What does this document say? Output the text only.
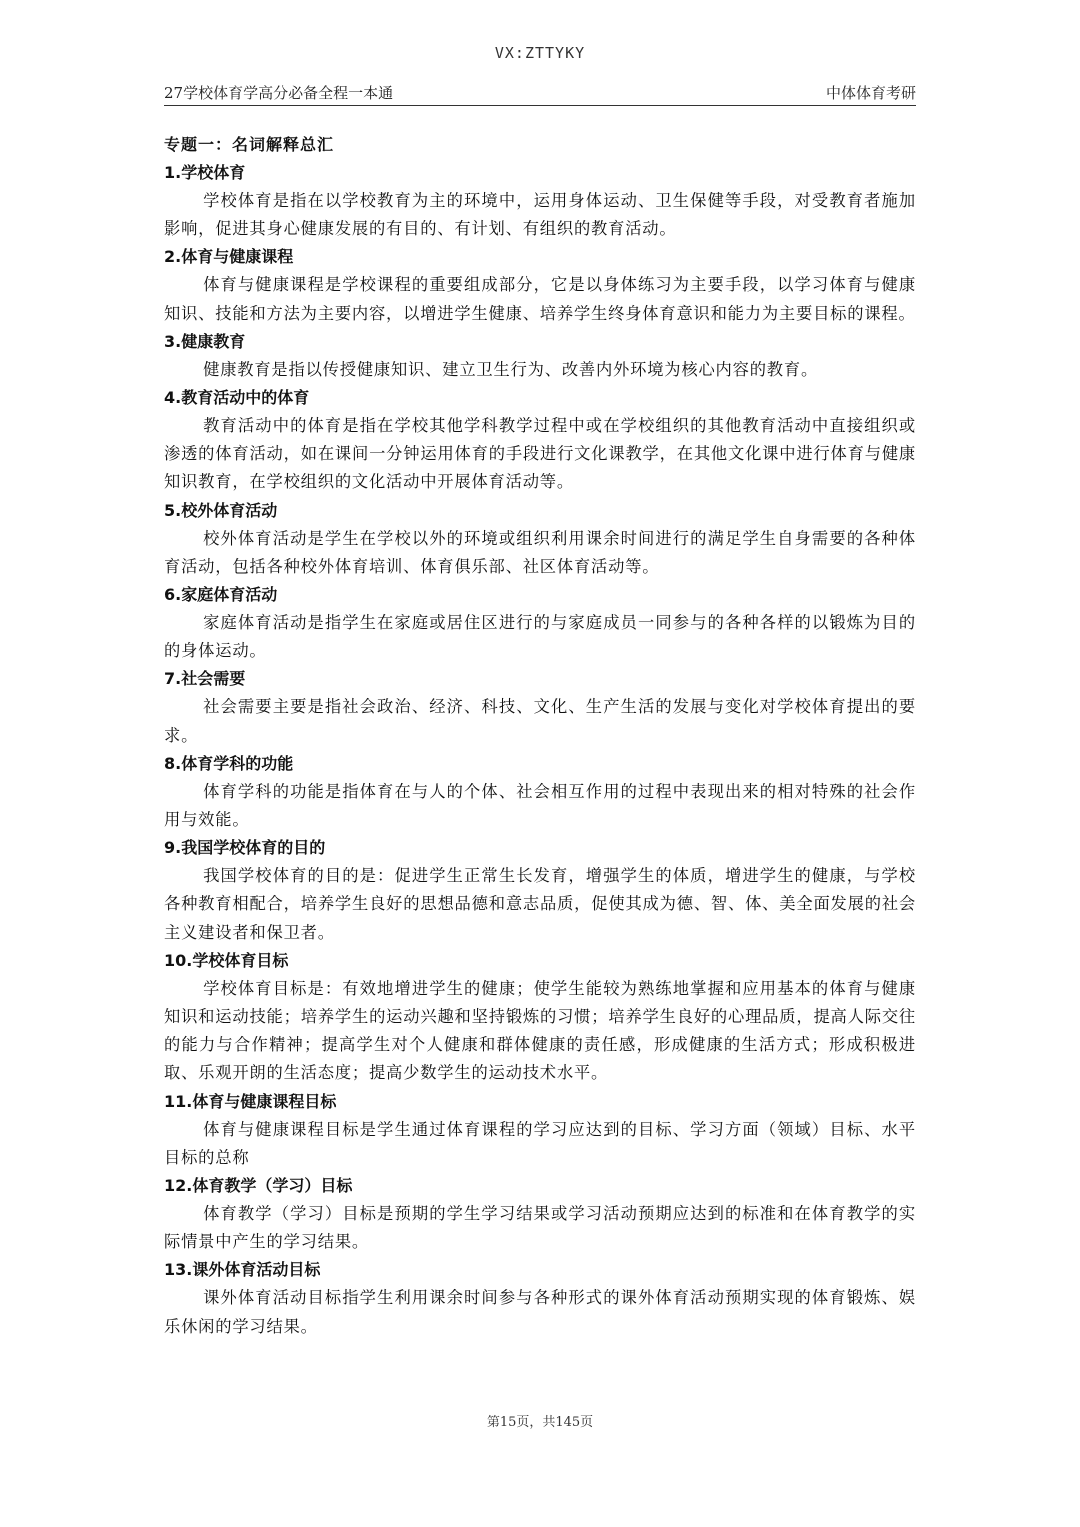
VX:ZTTYKY
27学校体育学高分必备全程一本通	中体体育考研
专题一：名词解释总汇
1.学校体育

学校体育是指在以学校教育为主的环境中，运用身体运动、卫生保健等手段，对受教育者施加影响，促进其身心健康发展的有目的、有计划、有组织的教育活动。

2.体育与健康课程

体育与健康课程是学校课程的重要组成部分，它是以身体练习为主要手段，以学习体育与健康知识、技能和方法为主要内容，以增进学生健康、培养学生终身体育意识和能力为主要目标的课程。

3.健康教育

健康教育是指以传授健康知识、建立卫生行为、改善内外环境为核心内容的教育。

4.教育活动中的体育

教育活动中的体育是指在学校其他学科教学过程中或在学校组织的其他教育活动中直接组织或渗透的体育活动，如在课间一分钟运用体育的手段进行文化课教学，在其他文化课中进行体育与健康知识教育，在学校组织的文化活动中开展体育活动等。

5.校外体育活动

校外体育活动是学生在学校以外的环境或组织利用课余时间进行的满足学生自身需要的各种体育活动，包括各种校外体育培训、体育俱乐部、社区体育活动等。

6.家庭体育活动

家庭体育活动是指学生在家庭或居住区进行的与家庭成员一同参与的各种各样的以锻炼为目的的身体运动。

7.社会需要

社会需要主要是指社会政治、经济、科技、文化、生产生活的发展与变化对学校体育提出的要求。

8.体育学科的功能

体育学科的功能是指体育在与人的个体、社会相互作用的过程中表现出来的相对特殊的社会作用与效能。

9.我国学校体育的目的

我国学校体育的目的是：促进学生正常生长发育，增强学生的体质，增进学生的健康，与学校各种教育相配合，培养学生良好的思想品德和意志品质，促使其成为德、智、体、美全面发展的社会主义建设者和保卫者。

10.学校体育目标

学校体育目标是：有效地增进学生的健康；使学生能较为熟练地掌握和应用基本的体育与健康知识和运动技能；培养学生的运动兴趣和坚持锻炼的习惯；培养学生良好的心理品质，提高人际交往的能力与合作精神；提高学生对个人健康和群体健康的责任感，形成健康的生活方式；形成积极进取、乐观开朗的生活态度；提高少数学生的运动技术水平。

11.体育与健康课程目标

体育与健康课程目标是学生通过体育课程的学习应达到的目标、学习方面（领域）目标、水平目标的总称

12.体育教学（学习）目标

体育教学（学习）目标是预期的学生学习结果或学习活动预期应达到的标准和在体育教学的实际情景中产生的学习结果。

13.课外体育活动目标

课外体育活动目标指学生利用课余时间参与各种形式的课外体育活动预期实现的体育锻炼、娱乐休闲的学习结果。

第15页，共145页
